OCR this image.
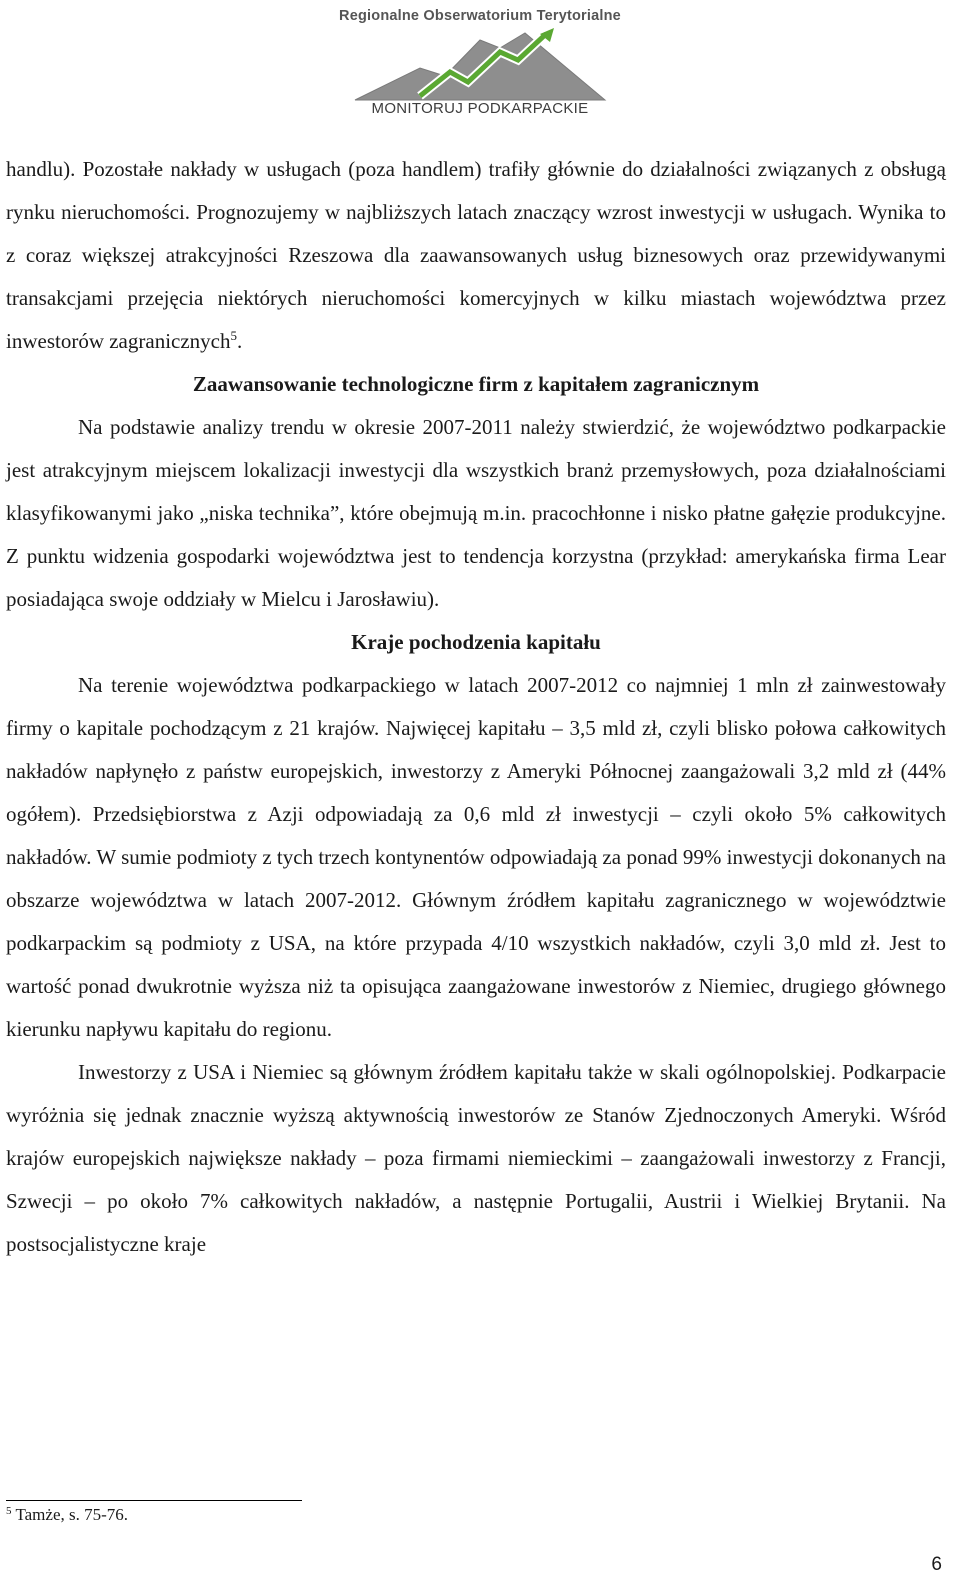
Regionalne Obserwatorium Terytorialne
MONITORUJ PODKARPACKIE

handlu). Pozostałe nakłady w usługach (poza handlem) trafiły głównie do działalności związanych z obsługą rynku nieruchomości. Prognozujemy w najbliższych latach znaczący wzrost inwestycji w usługach. Wynika to z coraz większej atrakcyjności Rzeszowa dla zaawansowanych usług biznesowych oraz przewidywanymi transakcjami przejęcia niektórych nieruchomości komercyjnych w kilku miastach województwa przez inwestorów zagranicznych$^5$.

Zaawansowanie technologiczne firm z kapitałem zagranicznym

Na podstawie analizy trendu w okresie 2007-2011 należy stwierdzić, że województwo podkarpackie jest atrakcyjnym miejscem lokalizacji inwestycji dla wszystkich branż przemysłowych, poza działalnościami klasyfikowanymi jako „niska technika”, które obejmują m.in. pracochłonne i nisko płatne gałęzie produkcyjne. Z punktu widzenia gospodarki województwa jest to tendencja korzystna (przykład: amerykańska firma Lear posiadająca swoje oddziały w Mielcu i Jarosławiu).

Kraje pochodzenia kapitału

Na terenie województwa podkarpackiego w latach 2007-2012 co najmniej 1 mln zł zainwestowały firmy o kapitale pochodzącym z 21 krajów. Najwięcej kapitału – 3,5 mld zł, czyli blisko połowa całkowitych nakładów napłynęło z państw europejskich, inwestorzy z Ameryki Północnej zaangażowali 3,2 mld zł (44% ogółem). Przedsiębiorstwa z Azji odpowiadają za 0,6 mld zł inwestycji – czyli około 5% całkowitych nakładów. W sumie podmioty z tych trzech kontynentów odpowiadają za ponad 99% inwestycji dokonanych na obszarze województwa w latach 2007-2012. Głównym źródłem kapitału zagranicznego w województwie podkarpackim są podmioty z USA, na które przypada 4/10 wszystkich nakładów, czyli 3,0 mld zł. Jest to wartość ponad dwukrotnie wyższa niż ta opisująca zaangażowane inwestorów z Niemiec, drugiego głównego kierunku napływu kapitału do regionu.

Inwestorzy z USA i Niemiec są głównym źródłem kapitału także w skali ogólnopolskiej. Podkarpacie wyróżnia się jednak znacznie wyższą aktywnością inwestorów ze Stanów Zjednoczonych Ameryki. Wśród krajów europejskich największe nakłady – poza firmami niemieckimi – zaangażowali inwestorzy z Francji, Szwecji – po około 7% całkowitych nakładów, a następnie Portugalii, Austrii i Wielkiej Brytanii. Na postsocjalistyczne kraje

$^5$ Tamże, s. 75-76.
6
